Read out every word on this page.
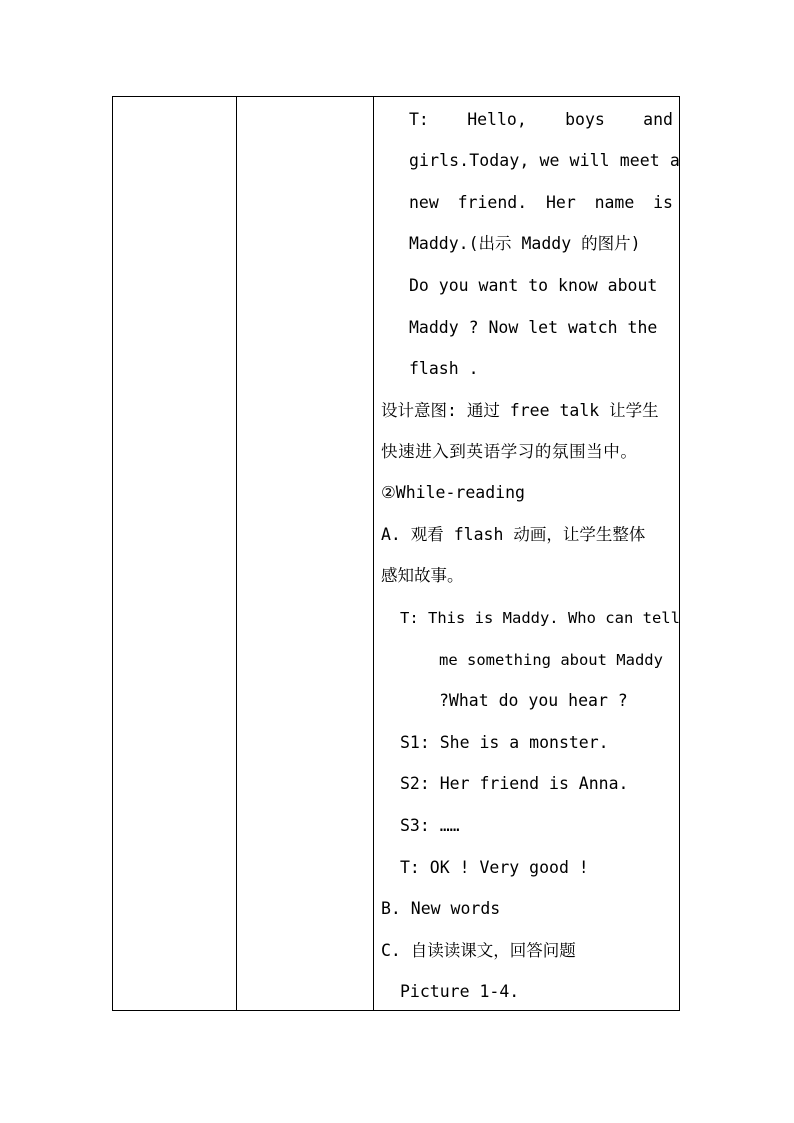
T: Hello, boys and
girls.Today, we will meet a
new friend. Her name is
Maddy.(出示 Maddy 的图片)
Do you want to know about
Maddy ? Now let watch the
flash .
设计意图: 通过 free talk 让学生
快速进入到英语学习的氛围当中。
②While-reading
A. 观看 flash 动画，让学生整体
感知故事。
T: This is Maddy. Who can tell
me something about Maddy
?What do you hear ?
S1: She is a monster.
S2: Her friend is Anna.
S3: ……
T: OK ! Very good !
B. New words
C. 自读读课文，回答问题
Picture 1-4.
